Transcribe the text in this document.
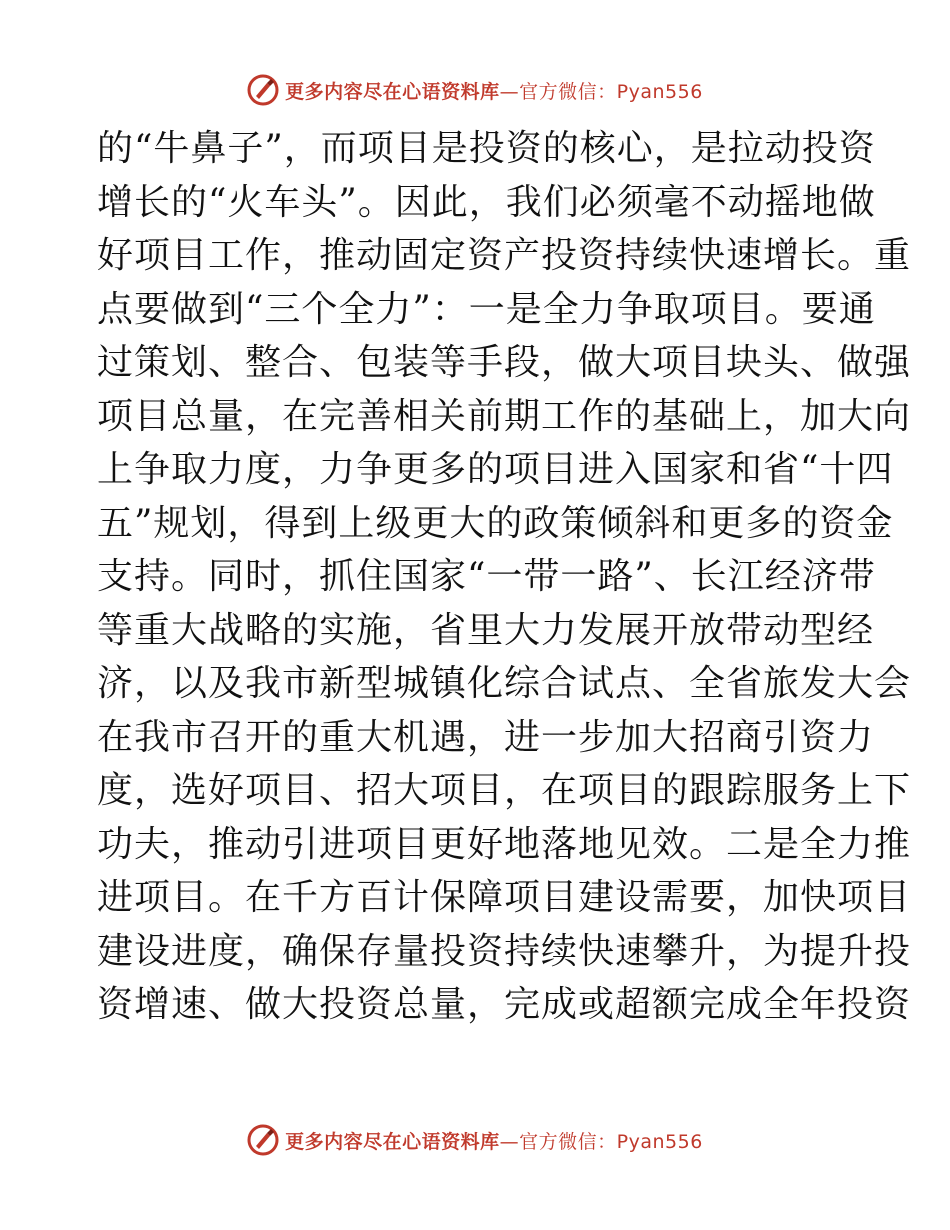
更多内容尽在心语资料库—官方微信：Pyan556
的“牛鼻子”，而项目是投资的核心，是拉动投资
增长的“火车头”。因此，我们必须毫不动摇地做
好项目工作，推动固定资产投资持续快速增长。重
点要做到“三个全力”：一是全力争取项目。要通
过策划、整合、包装等手段，做大项目块头、做强
项目总量，在完善相关前期工作的基础上，加大向
上争取力度，力争更多的项目进入国家和省“十四
五”规划，得到上级更大的政策倾斜和更多的资金
支持。同时，抓住国家“一带一路”、长江经济带
等重大战略的实施，省里大力发展开放带动型经
济，以及我市新型城镇化综合试点、全省旅发大会
在我市召开的重大机遇，进一步加大招商引资力
度，选好项目、招大项目，在项目的跟踪服务上下
功夫，推动引进项目更好地落地见效。二是全力推
进项目。在千方百计保障项目建设需要，加快项目
建设进度，确保存量投资持续快速攀升，为提升投
资增速、做大投资总量，完成或超额完成全年投资
更多内容尽在心语资料库—官方微信：Pyan556
